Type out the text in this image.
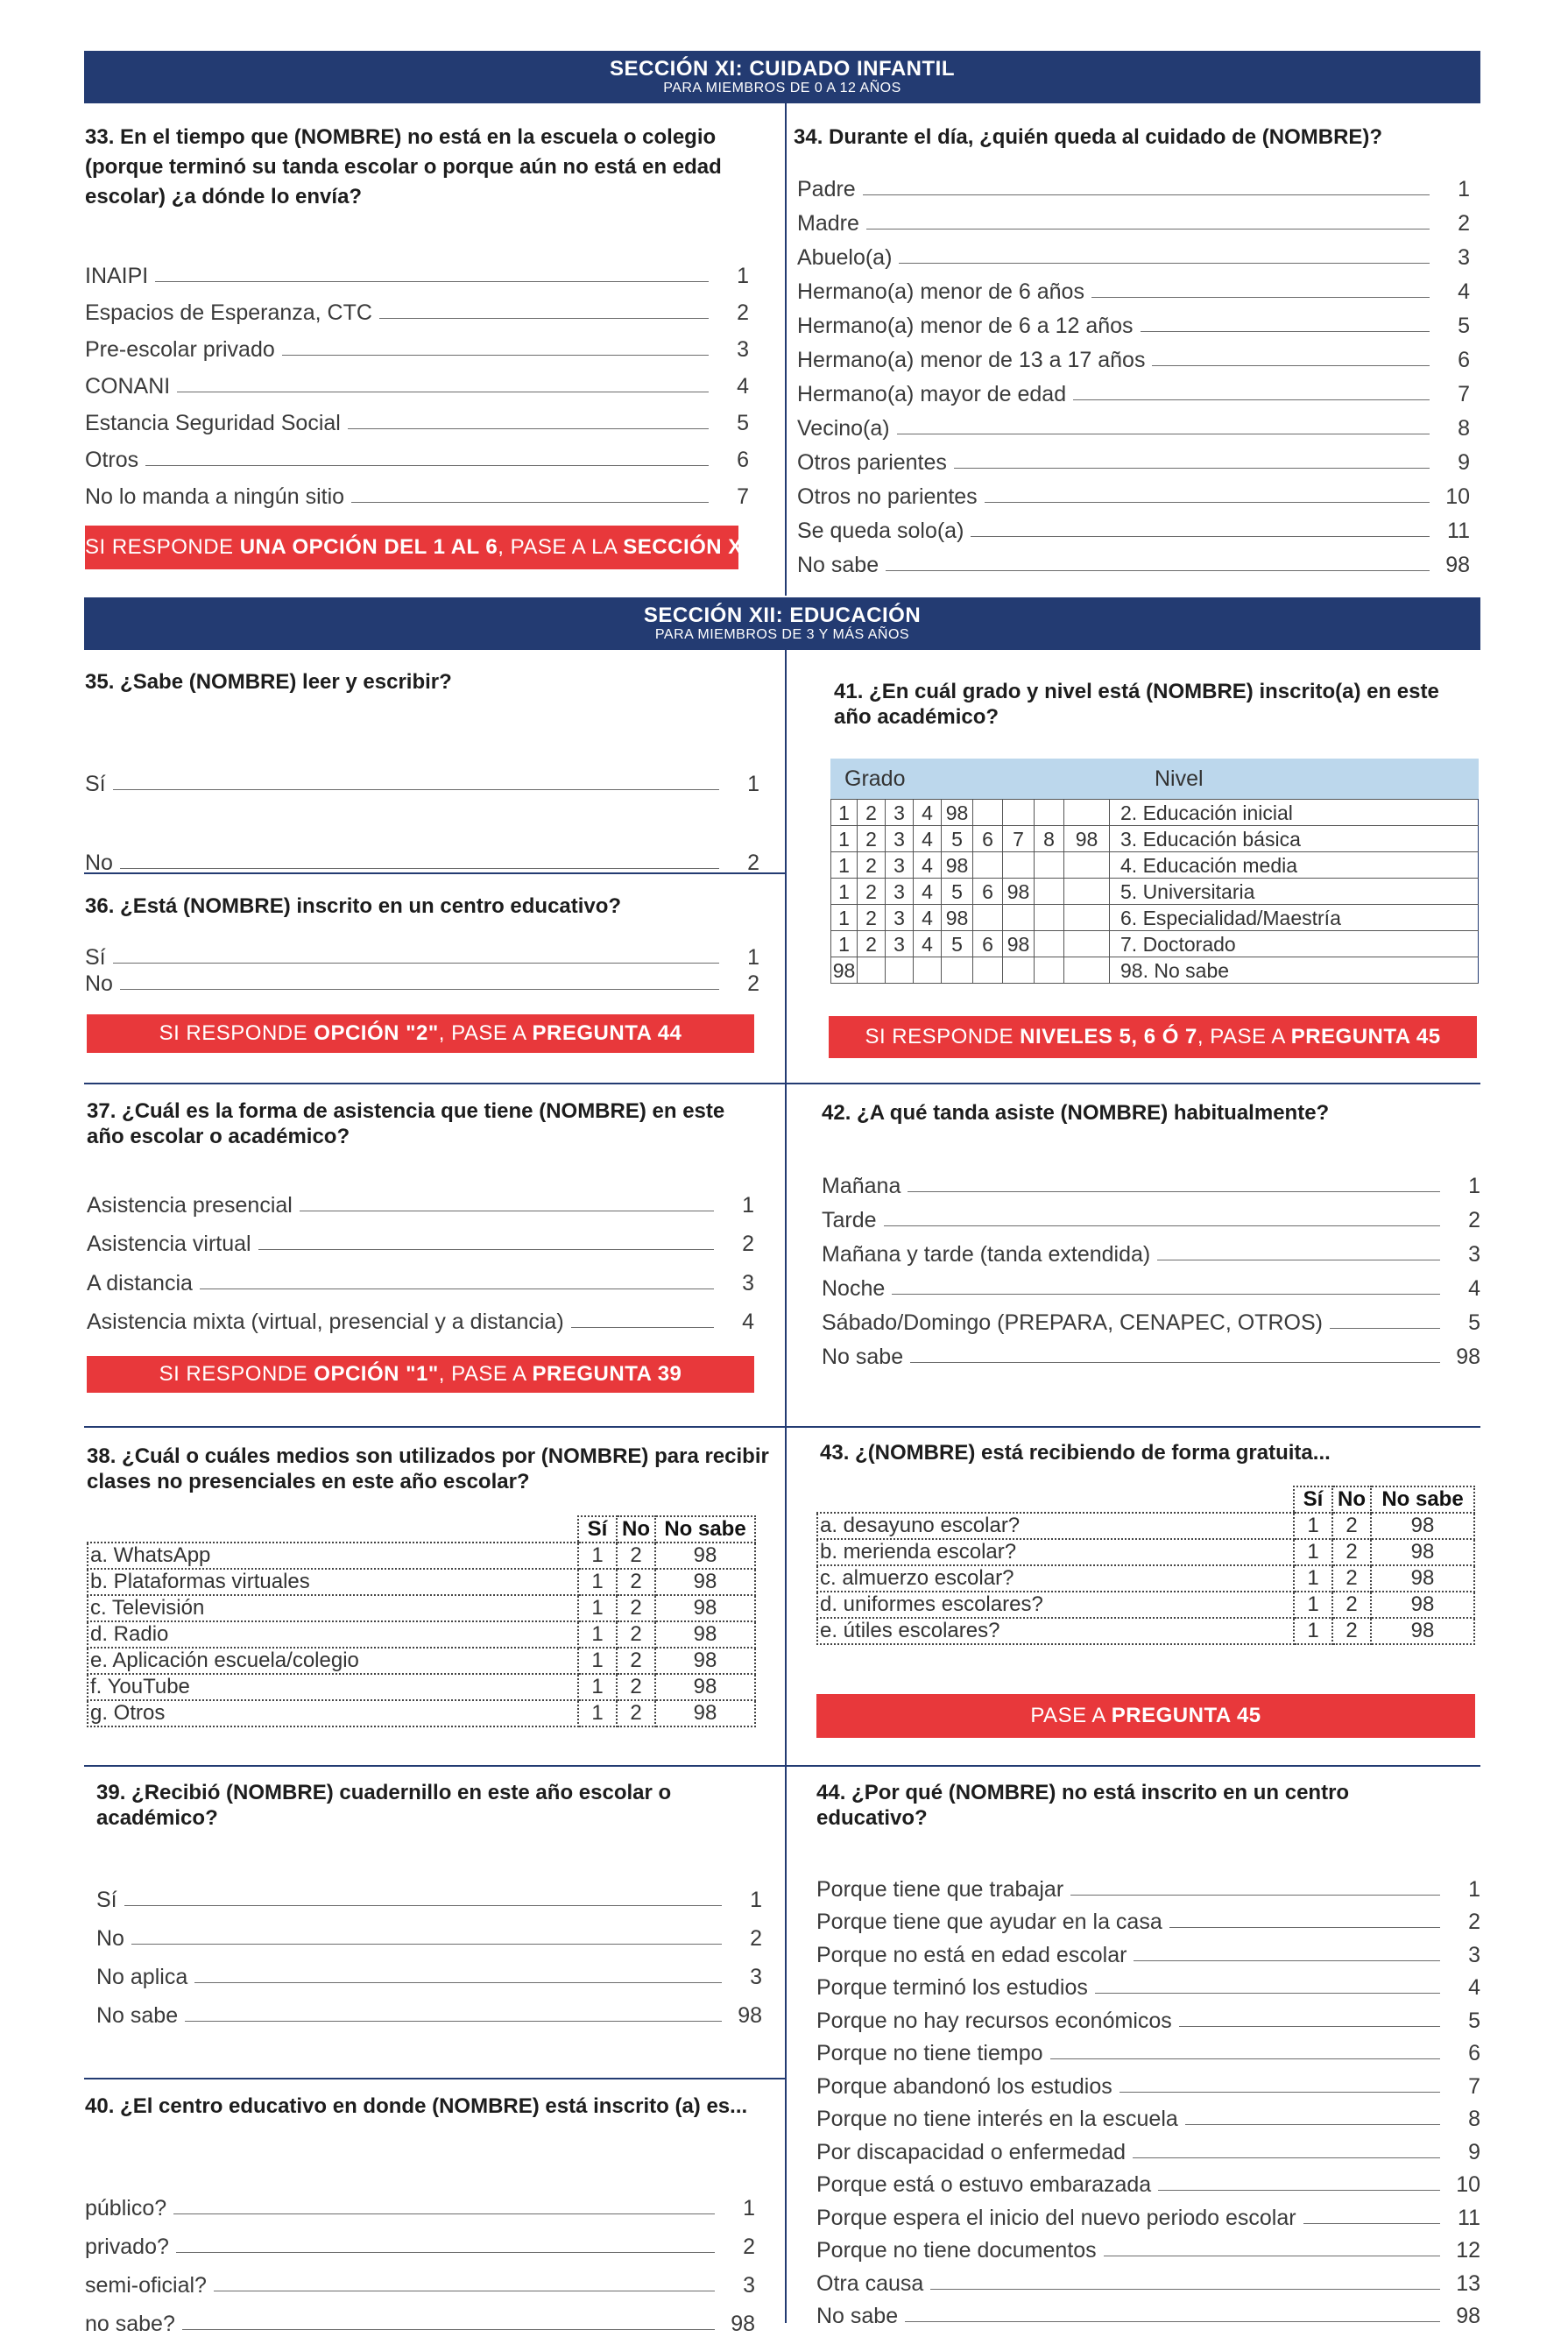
SECCIÓN XI: CUIDADO INFANTIL
PARA MIEMBROS DE 0 A 12 AÑOS
33. En el tiempo que (NOMBRE) no está en la escuela o colegio (porque terminó su tanda escolar o porque aún no está en edad escolar) ¿a dónde lo envía?
INAIPI	1
Espacios de Esperanza, CTC	2
Pre-escolar privado	3
CONANI	4
Estancia Seguridad Social	5
Otros	6
No lo manda a ningún sitio	7
SI RESPONDE UNA OPCIÓN DEL 1 AL 6, PASE A LA SECCIÓN XII
34. Durante el día, ¿quién queda al cuidado de (NOMBRE)?
Padre	1
Madre	2
Abuelo(a)	3
Hermano(a) menor de 6 años	4
Hermano(a) menor de 6 a 12 años	5
Hermano(a) menor de 13 a 17 años	6
Hermano(a) mayor de edad	7
Vecino(a)	8
Otros parientes	9
Otros no parientes	10
Se queda solo(a)	11
No sabe	98
SECCIÓN XII: EDUCACIÓN
PARA MIEMBROS DE 3 Y MÁS AÑOS
35. ¿Sabe (NOMBRE) leer y escribir?
Sí	1
No	2
36. ¿Está (NOMBRE) inscrito en un centro educativo?
Sí	1
No	2
SI RESPONDE OPCIÓN "2", PASE A PREGUNTA 44
41. ¿En cuál grado y nivel está (NOMBRE) inscrito(a) en este año académico?
Grado	Nivel
1	2	3	4	98					2. Educación inicial
1	2	3	4	5	6	7	8	98	3. Educación básica
1	2	3	4	98					4. Educación media
1	2	3	4	5	6	98			5. Universitaria
1	2	3	4	98					6. Especialidad/Maestría
1	2	3	4	5	6	98			7. Doctorado
98									98. No sabe
SI RESPONDE NIVELES 5, 6 Ó 7, PASE A PREGUNTA 45
37. ¿Cuál es la forma de asistencia que tiene (NOMBRE) en este año escolar o académico?
Asistencia presencial	1
Asistencia virtual	2
A distancia	3
Asistencia mixta (virtual, presencial y a distancia)	4
SI RESPONDE OPCIÓN "1", PASE A PREGUNTA 39
42. ¿A qué tanda asiste (NOMBRE) habitualmente?
Mañana	1
Tarde	2
Mañana y tarde (tanda extendida)	3
Noche	4
Sábado/Domingo (PREPARA, CENAPEC, OTROS)	5
No sabe	98
38. ¿Cuál o cuáles medios son utilizados por (NOMBRE) para recibir clases no presenciales en este año escolar?
	Sí	No	No sabe
a. WhatsApp	1	2	98
b. Plataformas virtuales	1	2	98
c. Televisión	1	2	98
d. Radio	1	2	98
e. Aplicación escuela/colegio	1	2	98
f. YouTube	1	2	98
g. Otros	1	2	98
43. ¿(NOMBRE) está recibiendo de forma gratuita...
	Sí	No	No sabe
a. desayuno escolar?	1	2	98
b. merienda escolar?	1	2	98
c. almuerzo escolar?	1	2	98
d. uniformes escolares?	1	2	98
e. útiles escolares?	1	2	98
PASE A PREGUNTA 45
39. ¿Recibió (NOMBRE) cuadernillo en este año escolar o académico?
Sí	1
No	2
No aplica	3
No sabe	98
40. ¿El centro educativo en donde (NOMBRE) está inscrito (a) es...
público?	1
privado?	2
semi-oficial?	3
no sabe?	98
44. ¿Por qué (NOMBRE) no está inscrito en un centro educativo?
Porque tiene que trabajar	1
Porque tiene que ayudar en la casa	2
Porque no está en edad escolar	3
Porque terminó los estudios	4
Porque no hay recursos económicos	5
Porque no tiene tiempo	6
Porque abandonó los estudios	7
Porque no tiene interés en la escuela	8
Por discapacidad o enfermedad	9
Porque está o estuvo embarazada	10
Porque espera el inicio del nuevo periodo escolar	11
Porque no tiene documentos	12
Otra causa	13
No sabe	98
